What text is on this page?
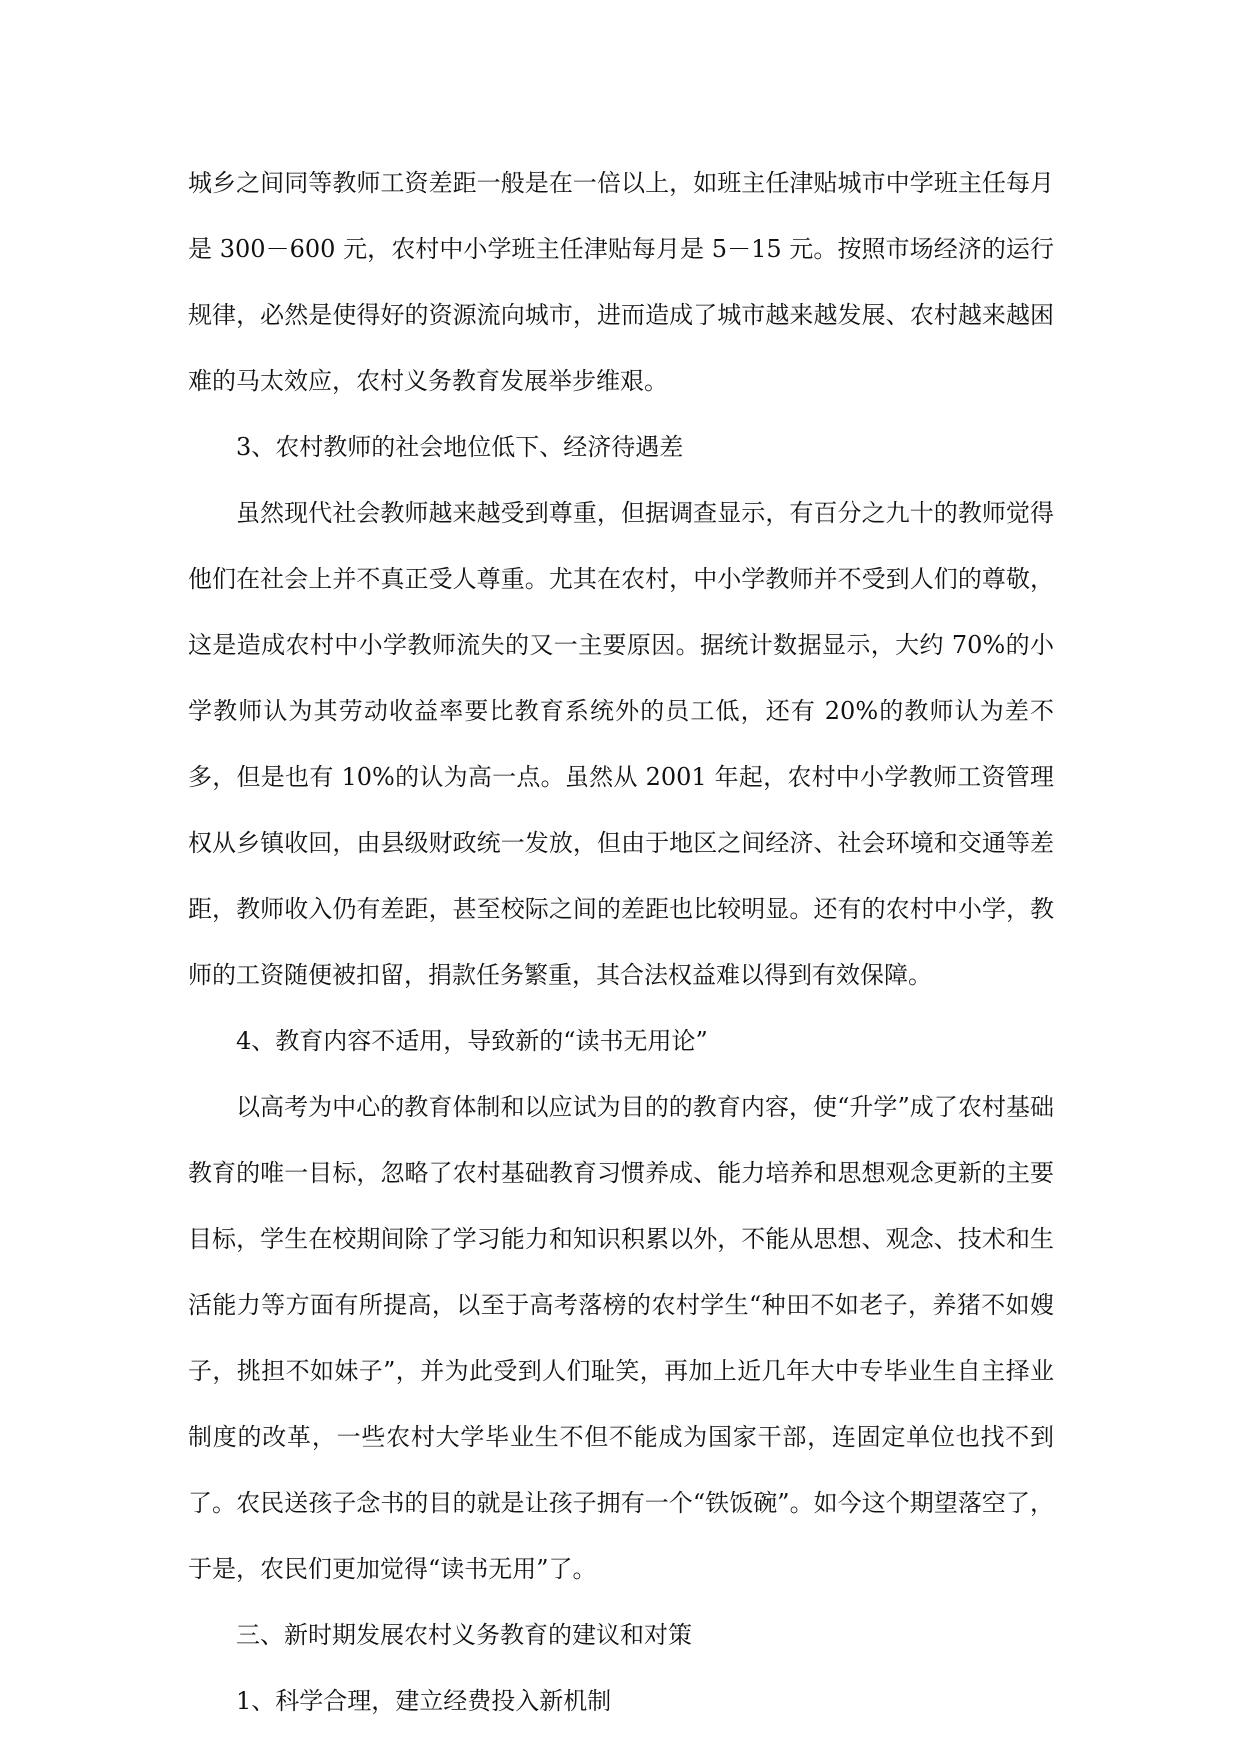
城乡之间同等教师工资差距一般是在一倍以上，如班主任津贴城市中学班主任每月是 300－600 元，农村中小学班主任津贴每月是 5－15 元。按照市场经济的运行规律，必然是使得好的资源流向城市，进而造成了城市越来越发展、农村越来越困难的马太效应，农村义务教育发展举步维艰。

3、农村教师的社会地位低下、经济待遇差

虽然现代社会教师越来越受到尊重，但据调查显示，有百分之九十的教师觉得他们在社会上并不真正受人尊重。尤其在农村，中小学教师并不受到人们的尊敬，这是造成农村中小学教师流失的又一主要原因。据统计数据显示，大约 70%的小学教师认为其劳动收益率要比教育系统外的员工低，还有 20%的教师认为差不多，但是也有 10%的认为高一点。虽然从 2001 年起，农村中小学教师工资管理权从乡镇收回，由县级财政统一发放，但由于地区之间经济、社会环境和交通等差距，教师收入仍有差距，甚至校际之间的差距也比较明显。还有的农村中小学，教师的工资随便被扣留，捐款任务繁重，其合法权益难以得到有效保障。

4、教育内容不适用，导致新的“读书无用论”

以高考为中心的教育体制和以应试为目的的教育内容，使“升学”成了农村基础教育的唯一目标，忽略了农村基础教育习惯养成、能力培养和思想观念更新的主要目标，学生在校期间除了学习能力和知识积累以外，不能从思想、观念、技术和生活能力等方面有所提高，以至于高考落榜的农村学生“种田不如老子，养猪不如嫂子，挑担不如妹子”，并为此受到人们耻笑，再加上近几年大中专毕业生自主择业制度的改革，一些农村大学毕业生不但不能成为国家干部，连固定单位也找不到了。农民送孩子念书的目的就是让孩子拥有一个“铁饭碗”。如今这个期望落空了，于是，农民们更加觉得“读书无用”了。

三、新时期发展农村义务教育的建议和对策

1、科学合理，建立经费投入新机制
